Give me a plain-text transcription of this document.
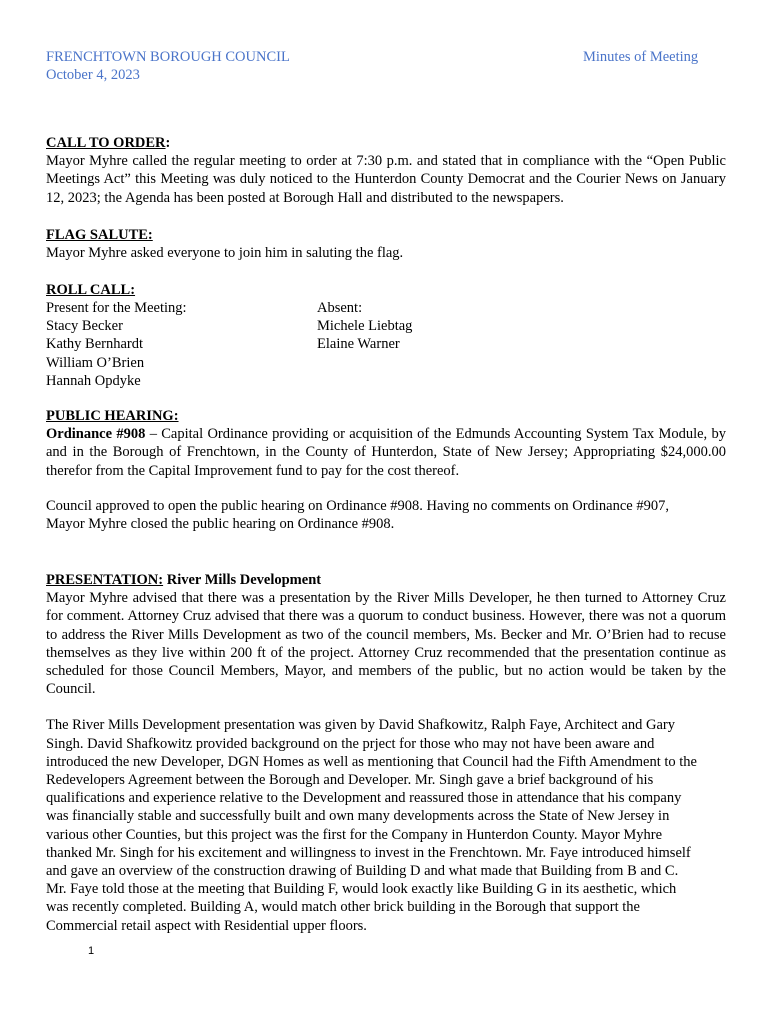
FRENCHTOWN BOROUGH COUNCIL
October 4, 2023
Minutes of Meeting
CALL TO ORDER:
Mayor Myhre called the regular meeting to order at 7:30 p.m. and stated that in compliance with the “Open Public Meetings Act” this Meeting was duly noticed to the Hunterdon County Democrat and the Courier News on January 12, 2023; the Agenda has been posted at Borough Hall and distributed to the newspapers.
FLAG SALUTE:
Mayor Myhre asked everyone to join him in saluting the flag.
ROLL CALL:
Present for the Meeting:
Stacy Becker
Kathy Bernhardt
William O’Brien
Hannah Opdyke
Absent:
Michele Liebtag
Elaine Warner
PUBLIC HEARING:
Ordinance #908 – Capital Ordinance providing or acquisition of the Edmunds Accounting System Tax Module, by and in the Borough of Frenchtown, in the County of Hunterdon, State of New Jersey; Appropriating $24,000.00 therefor from the Capital Improvement fund to pay for the cost thereof.
Council approved to open the public hearing on Ordinance #908. Having no comments on Ordinance #907,
Mayor Myhre closed the public hearing on Ordinance #908.
PRESENTATION: River Mills Development
Mayor Myhre advised that there was a presentation by the River Mills Developer, he then turned to Attorney Cruz for comment. Attorney Cruz advised that there was a quorum to conduct business. However, there was not a quorum to address the River Mills Development as two of the council members, Ms. Becker and Mr. O’Brien had to recuse themselves as they live within 200 ft of the project. Attorney Cruz recommended that the presentation continue as scheduled for those Council Members, Mayor, and members of the public, but no action would be taken by the Council.
The River Mills Development presentation was given by David Shafkowitz, Ralph Faye, Architect and Gary
Singh. David Shafkowitz provided background on the prject for those who may not have been aware and
introduced the new Developer, DGN Homes as well as mentioning that Council had the Fifth Amendment to the
Redevelopers Agreement between the Borough and Developer. Mr. Singh gave a brief background of his
qualifications and experience relative to the Development and reassured those in attendance that his company
was financially stable and successfully built and own many developments across the State of New Jersey in
various other Counties, but this project was the first for the Company in Hunterdon County. Mayor Myhre
thanked Mr. Singh for his excitement and willingness to invest in the Frenchtown. Mr. Faye introduced himself
and gave an overview of the construction drawing of Building D and what made that Building from B and C.
Mr. Faye told those at the meeting that Building F, would look exactly like Building G in its aesthetic, which
was recently completed. Building A, would match other brick building in the Borough that support the
Commercial retail aspect with Residential upper floors.
1
